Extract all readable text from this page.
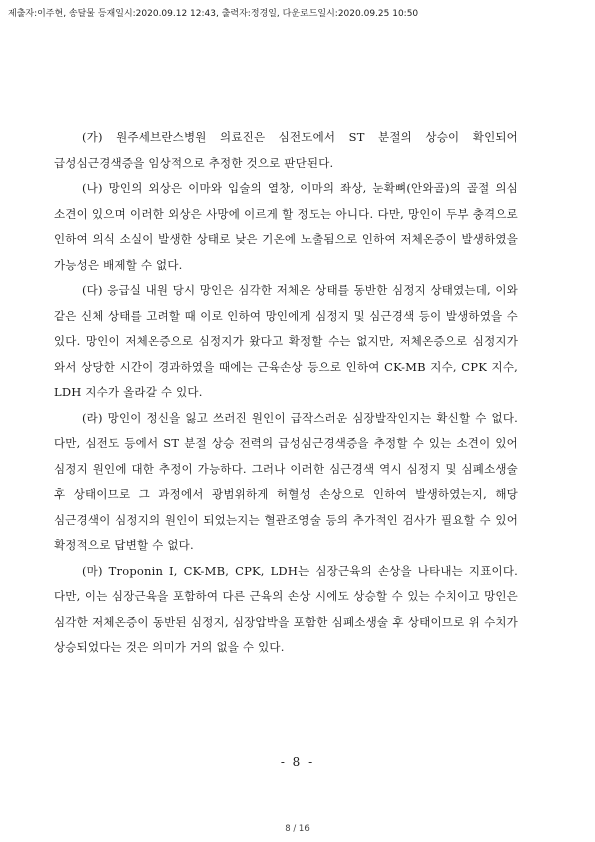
제출자:이주현, 송달물 등재일시:2020.09.12 12:43, 출력자:정경일, 다운로드일시:2020.09.25 10:50

(가) 원주세브란스병원 의료진은 심전도에서 ST 분절의 상승이 확인되어 급성심근경색증을 임상적으로 추정한 것으로 판단된다.

(나) 망인의 외상은 이마와 입술의 열창, 이마의 좌상, 눈확뼈(안와골)의 골절 의심 소견이 있으며 이러한 외상은 사망에 이르게 할 정도는 아니다. 다만, 망인이 두부 충격으로 인하여 의식 소실이 발생한 상태로 낮은 기온에 노출됨으로 인하여 저체온증이 발생하였을 가능성은 배제할 수 없다.

(다) 응급실 내원 당시 망인은 심각한 저체온 상태를 동반한 심정지 상태였는데, 이와 같은 신체 상태를 고려할 때 이로 인하여 망인에게 심정지 및 심근경색 등이 발생하였을 수 있다. 망인이 저체온증으로 심정지가 왔다고 확정할 수는 없지만, 저체온증으로 심정지가 와서 상당한 시간이 경과하였을 때에는 근육손상 등으로 인하여 CK-MB 지수, CPK 지수, LDH 지수가 올라갈 수 있다.

(라) 망인이 정신을 잃고 쓰러진 원인이 급작스러운 심장발작인지는 확신할 수 없다. 다만, 심전도 등에서 ST 분절 상승 전력의 급성심근경색증을 추정할 수 있는 소견이 있어 심정지 원인에 대한 추정이 가능하다. 그러나 이러한 심근경색 역시 심정지 및 심폐소생술 후 상태이므로 그 과정에서 광범위하게 허혈성 손상으로 인하여 발생하였는지, 해당 심근경색이 심정지의 원인이 되었는지는 혈관조영술 등의 추가적인 검사가 필요할 수 있어 확정적으로 답변할 수 없다.

(마) Troponin I, CK-MB, CPK, LDH는 심장근육의 손상을 나타내는 지표이다. 다만, 이는 심장근육을 포함하여 다른 근육의 손상 시에도 상승할 수 있는 수치이고 망인은 심각한 저체온증이 동반된 심정지, 심장압박을 포함한 심폐소생술 후 상태이므로 위 수치가 상승되었다는 것은 의미가 거의 없을 수 있다.

- 8 -
8 / 16
